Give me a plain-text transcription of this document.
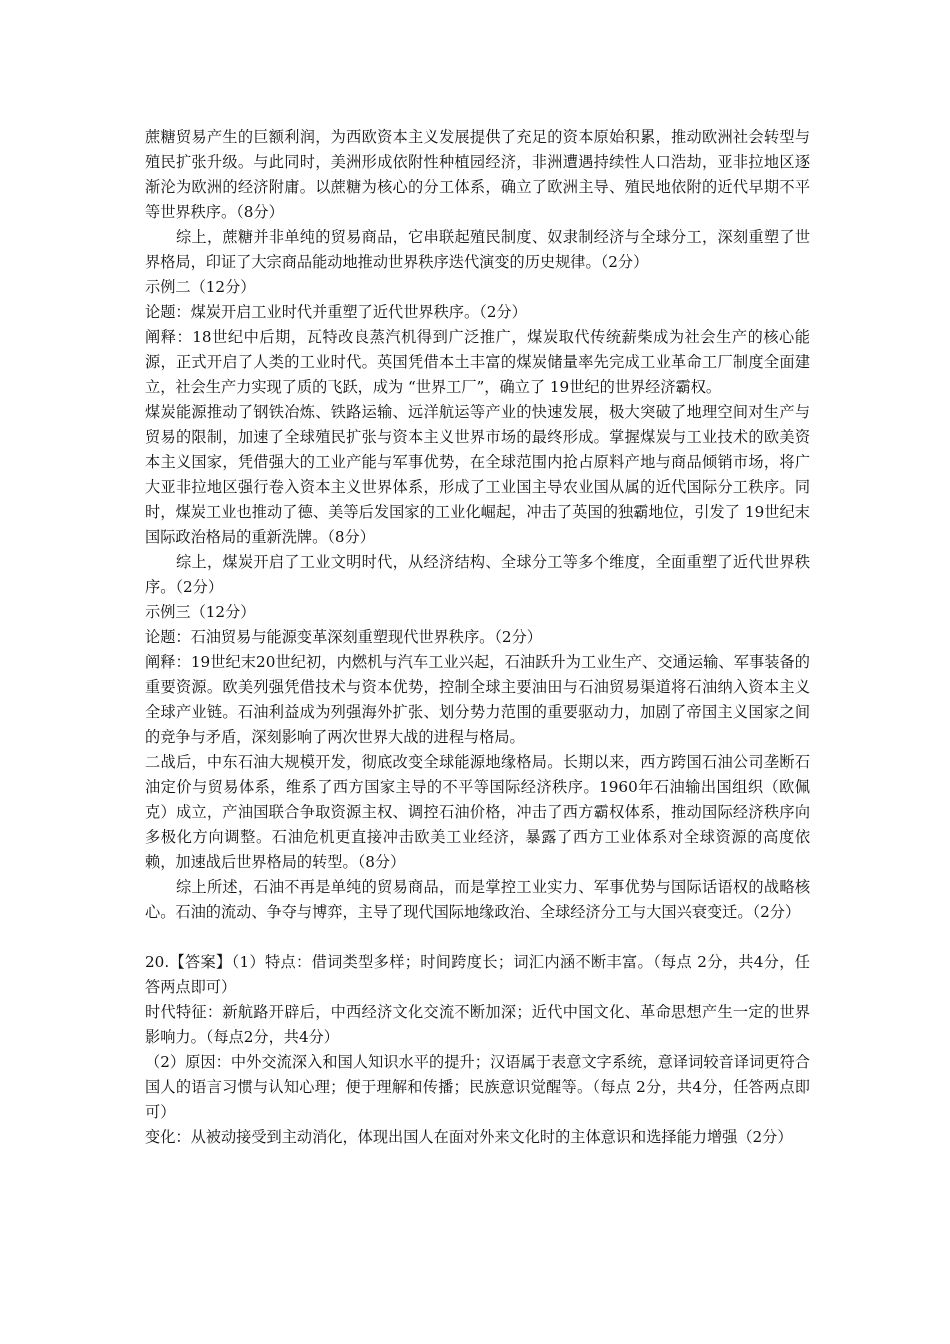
蔗糖贸易产生的巨额利润，为西欧资本主义发展提供了充足的资本原始积累，推动欧洲社会转型与殖民扩张升级。与此同时，美洲形成依附性种植园经济，非洲遭遇持续性人口浩劫，亚非拉地区逐渐沦为欧洲的经济附庸。以蔗糖为核心的分工体系，确立了欧洲主导、殖民地依附的近代早期不平等世界秩序。（8分）

综上，蔗糖并非单纯的贸易商品，它串联起殖民制度、奴隶制经济与全球分工，深刻重塑了世界格局，印证了大宗商品能动地推动世界秩序迭代演变的历史规律。（2分）

示例二（12分）

论题：煤炭开启工业时代并重塑了近代世界秩序。（2分）

阐释：18世纪中后期，瓦特改良蒸汽机得到广泛推广，煤炭取代传统薪柴成为社会生产的核心能源，正式开启了人类的工业时代。英国凭借本土丰富的煤炭储量率先完成工业革命工厂制度全面建立，社会生产力实现了质的飞跃，成为 “世界工厂”，确立了 19世纪的世界经济霸权。

煤炭能源推动了钢铁冶炼、铁路运输、远洋航运等产业的快速发展，极大突破了地理空间对生产与贸易的限制，加速了全球殖民扩张与资本主义世界市场的最终形成。掌握煤炭与工业技术的欧美资本主义国家，凭借强大的工业产能与军事优势，在全球范围内抢占原料产地与商品倾销市场，将广大亚非拉地区强行卷入资本主义世界体系，形成了工业国主导农业国从属的近代国际分工秩序。同时，煤炭工业也推动了德、美等后发国家的工业化崛起，冲击了英国的独霸地位，引发了 19世纪末国际政治格局的重新洗牌。（8分）

综上，煤炭开启了工业文明时代，从经济结构、全球分工等多个维度，全面重塑了近代世界秩序。（2分）

示例三（12分）

论题：石油贸易与能源变革深刻重塑现代世界秩序。（2分）

阐释：19世纪末20世纪初，内燃机与汽车工业兴起，石油跃升为工业生产、交通运输、军事装备的重要资源。欧美列强凭借技术与资本优势，控制全球主要油田与石油贸易渠道将石油纳入资本主义全球产业链。石油利益成为列强海外扩张、划分势力范围的重要驱动力，加剧了帝国主义国家之间的竞争与矛盾，深刻影响了两次世界大战的进程与格局。

二战后，中东石油大规模开发，彻底改变全球能源地缘格局。长期以来，西方跨国石油公司垄断石油定价与贸易体系，维系了西方国家主导的不平等国际经济秩序。1960年石油输出国组织（欧佩克）成立，产油国联合争取资源主权、调控石油价格，冲击了西方霸权体系，推动国际经济秩序向多极化方向调整。石油危机更直接冲击欧美工业经济，暴露了西方工业体系对全球资源的高度依赖，加速战后世界格局的转型。（8分）

综上所述，石油不再是单纯的贸易商品，而是掌控工业实力、军事优势与国际话语权的战略核心。石油的流动、争夺与博弈，主导了现代国际地缘政治、全球经济分工与大国兴衰变迁。（2分）

20.【答案】（1）特点：借词类型多样；时间跨度长；词汇内涵不断丰富。（每点 2分，共4分，任答两点即可）

时代特征：新航路开辟后，中西经济文化交流不断加深；近代中国文化、革命思想产生一定的世界影响力。（每点2分，共4分）

（2）原因：中外交流深入和国人知识水平的提升；汉语属于表意文字系统，意译词较音译词更符合国人的语言习惯与认知心理；便于理解和传播；民族意识觉醒等。（每点 2分，共4分，任答两点即可）

变化：从被动接受到主动消化，体现出国人在面对外来文化时的主体意识和选择能力增强（2分）
